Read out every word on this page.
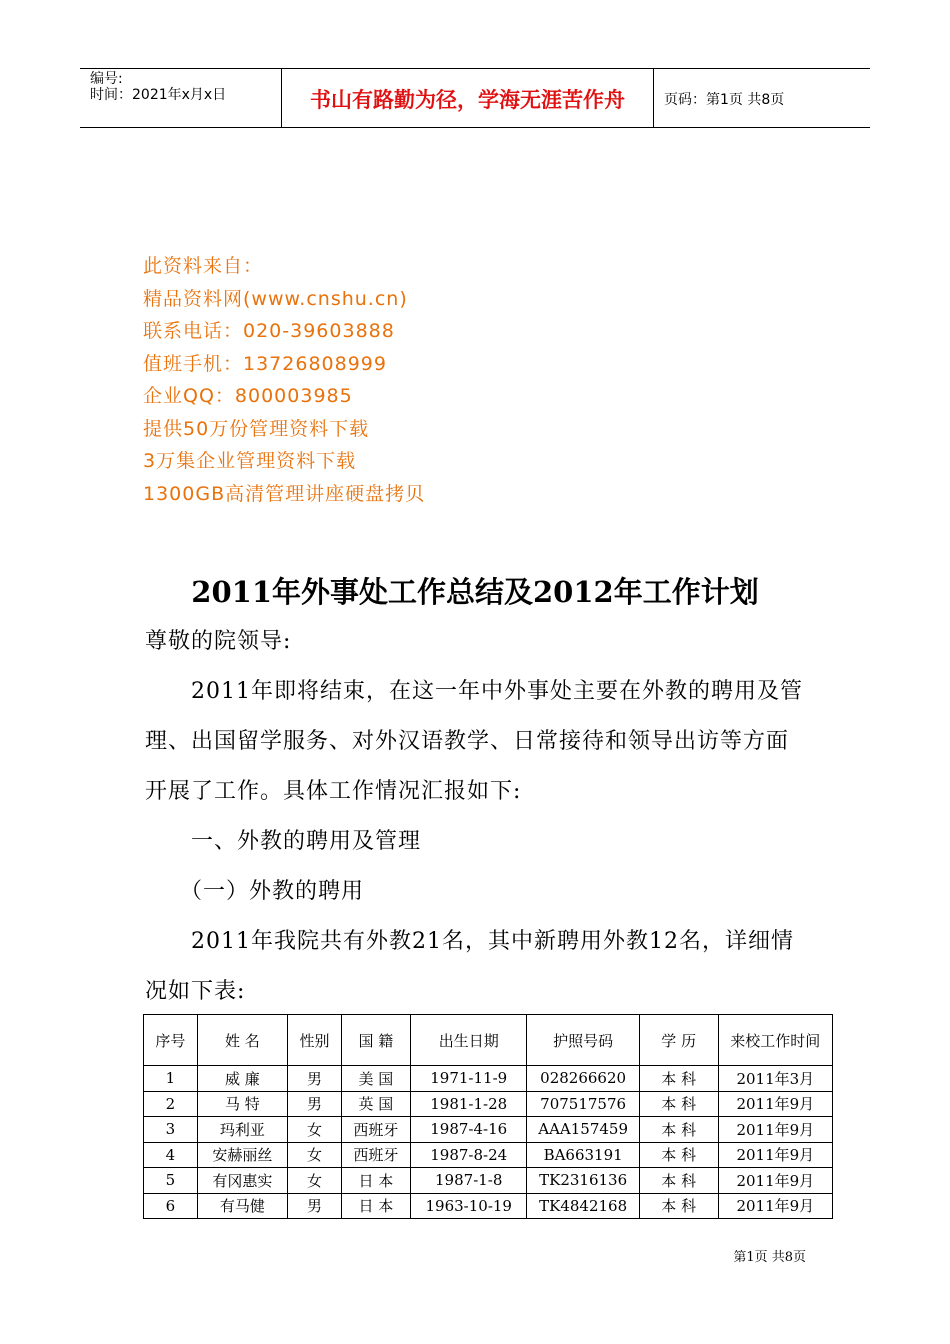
编号:
时间：2021年x月x日	书山有路勤为径，学海无涯苦作舟	页码：第1页 共8页
此资料来自：
精品资料网(www.cnshu.cn)
联系电话：020-39603888
值班手机：13726808999
企业QQ：800003985
提供50万份管理资料下载
3万集企业管理资料下载
1300GB高清管理讲座硬盘拷贝
2011年外事处工作总结及2012年工作计划

尊敬的院领导:

　　2011年即将结束，在这一年中外事处主要在外教的聘用及管理、出国留学服务、对外汉语教学、日常接待和领导出访等方面开展了工作。具体工作情况汇报如下:

　　一、外教的聘用及管理

　　（一）外教的聘用

　　2011年我院共有外教21名，其中新聘用外教12名，详细情况如下表:

序号	姓 名	性别	国 籍	出生日期	护照号码	学 历	来校工作时间
1	威 廉	男	美 国	1971-11-9	028266620	本 科	2011年3月
2	马 特	男	英 国	1981-1-28	707517576	本 科	2011年9月
3	玛利亚	女	西班牙	1987-4-16	AAA157459	本 科	2011年9月
4	安赫丽丝	女	西班牙	1987-8-24	BA663191	本 科	2011年9月
5	有冈惠实	女	日 本	1987-1-8	TK2316136	本 科	2011年9月
6	有马健	男	日 本	1963-10-19	TK4842168	本 科	2011年9月
第1页 共8页
